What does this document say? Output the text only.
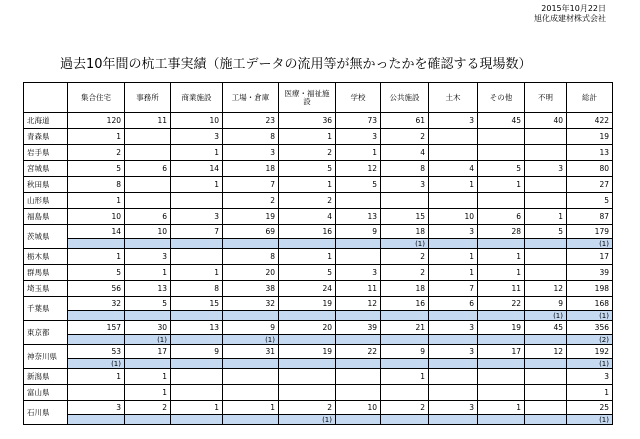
2015年10月22日
旭化成建材株式会社
過去10年間の杭工事実績（施工データの流用等が無かったかを確認する現場数）
	集合住宅	事務所	商業施設	工場・倉庫	医療・福祉施設	学校	公共施設	土木	その他	不明	総計
北海道	120	11	10	23	36	73	61	3	45	40	422
青森県	1		3	8	1	3	2				19
岩手県	2		1	3	2	1	4				13
宮城県	5	6	14	18	5	12	8	4	5	3	80
秋田県	8		1	7	1	5	3	1	1		27
山形県	1			2	2						5
福島県	10	6	3	19	4	13	15	10	6	1	87
茨城県	14	10	7	69	16	9	18	3	28	5	179
							(1)				(1)
栃木県	1	3		8	1		2	1	1		17
群馬県	5	1	1	20	5	3	2	1	1		39
埼玉県	56	13	8	38	24	11	18	7	11	12	198
千葉県	32	5	15	32	19	12	16	6	22	9	168
										(1)	(1)
東京都	157	30	13	9	20	39	21	3	19	45	356
		(1)		(1)							(2)
神奈川県	53	17	9	31	19	22	9	3	17	12	192
	(1)										(1)
新潟県	1	1					1				3
富山県		1									1
石川県	3	2	1	1	2	10	2	3	1		25
					(1)						(1)
